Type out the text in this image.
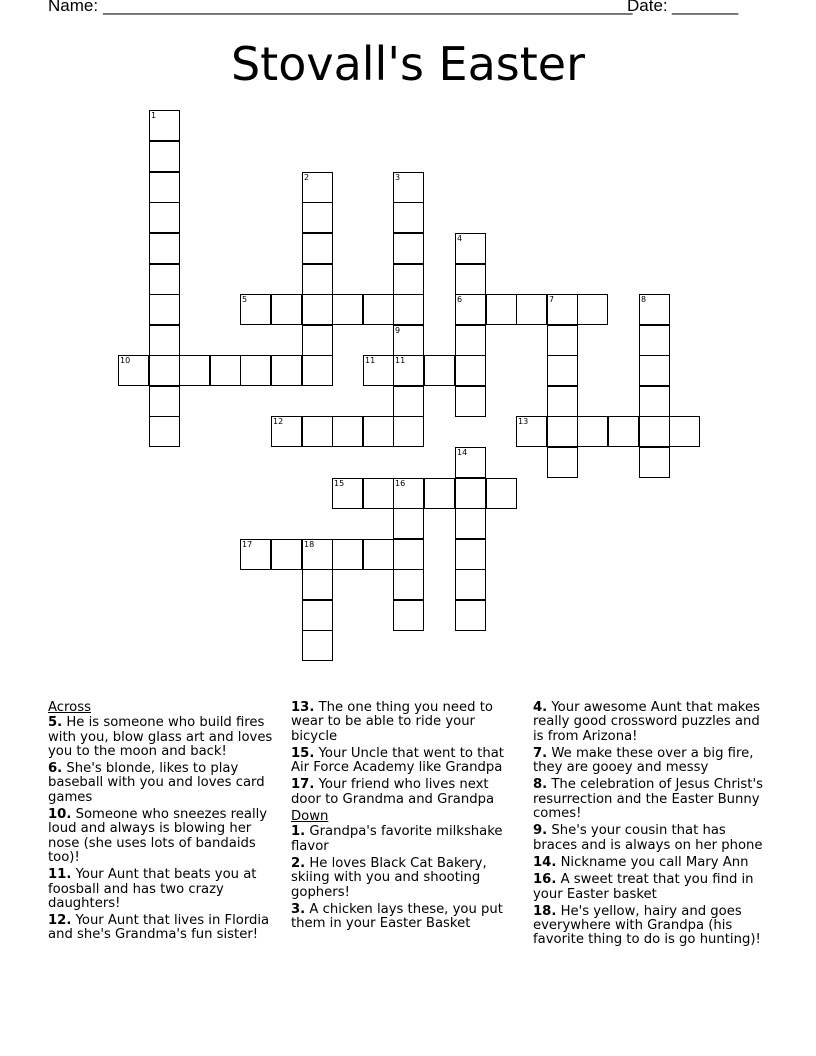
Name: ________________________________________________________
Date: _______
Stovall's Easter
1
2	3
4
6
5	7	8
9
11
10	11
12	13
14
15	16
17	18
Across
5. He is someone who build fires with you, blow glass art and loves you to the moon and back!
6. She's blonde, likes to play baseball with you and loves card games
10. Someone who sneezes really loud and always is blowing her nose (she uses lots of bandaids too)!
11. Your Aunt that beats you at foosball and has two crazy daughters!
12. Your Aunt that lives in Flordia and she's Grandma's fun sister!
13. The one thing you need to wear to be able to ride your bicycle
15. Your Uncle that went to that Air Force Academy like Grandpa
17. Your friend who lives next door to Grandma and Grandpa
Down
1. Grandpa's favorite milkshake flavor
2. He loves Black Cat Bakery, skiing with you and shooting gophers!
3. A chicken lays these, you put them in your Easter Basket
4. Your awesome Aunt that makes really good crossword puzzles and is from Arizona!
7. We make these over a big fire, they are gooey and messy
8. The celebration of Jesus Christ's resurrection and the Easter Bunny comes!
9. She's your cousin that has braces and is always on her phone
14. Nickname you call Mary Ann
16. A sweet treat that you find in your Easter basket
18. He's yellow, hairy and goes everywhere with Grandpa (his favorite thing to do is go hunting)!
